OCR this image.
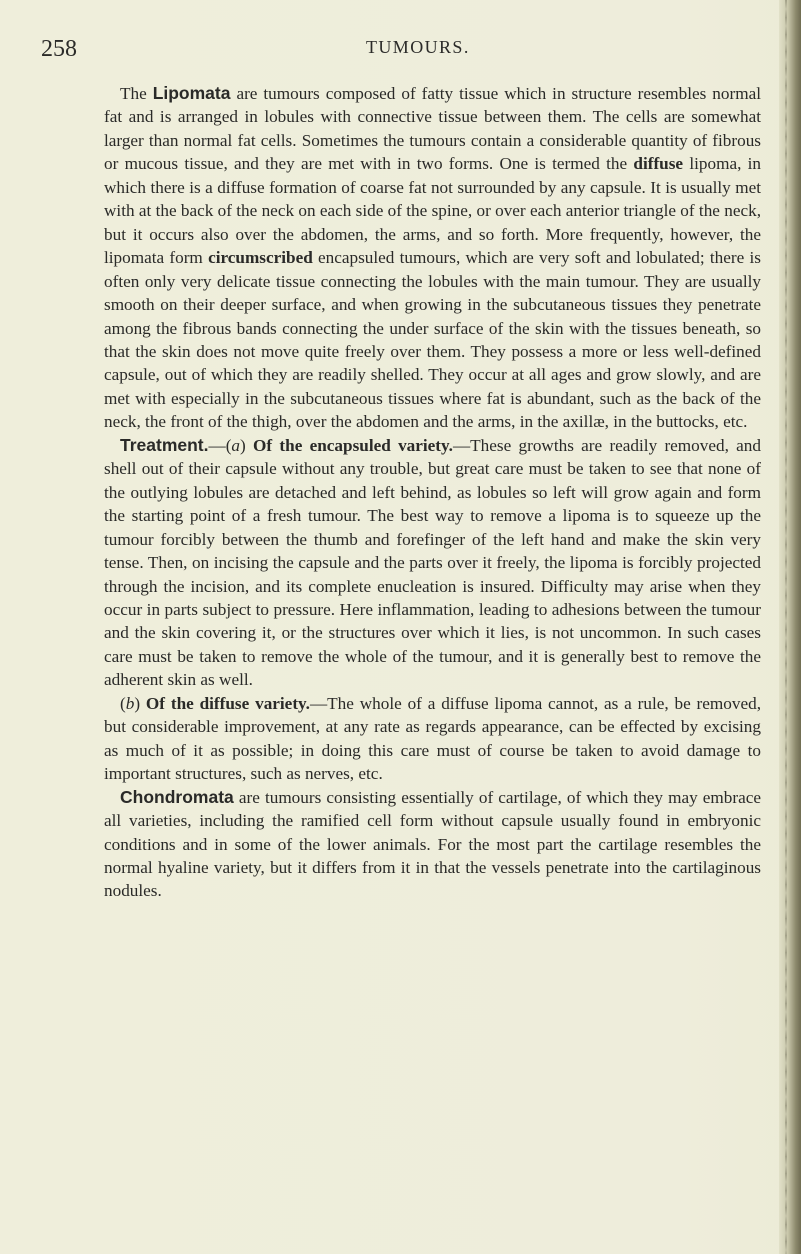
258	TUMOURS.

The Lipomata are tumours composed of fatty tissue which in structure resembles normal fat and is arranged in lobules with connective tissue between them. The cells are somewhat larger than normal fat cells. Sometimes the tumours contain a considerable quantity of fibrous or mucous tissue, and they are met with in two forms. One is termed the diffuse lipoma, in which there is a diffuse formation of coarse fat not surrounded by any capsule. It is usually met with at the back of the neck on each side of the spine, or over each anterior triangle of the neck, but it occurs also over the abdomen, the arms, and so forth. More frequently, however, the lipomata form circumscribed encapsuled tumours, which are very soft and lobulated; there is often only very delicate tissue connecting the lobules with the main tumour. They are usually smooth on their deeper surface, and when growing in the subcutaneous tissues they penetrate among the fibrous bands connecting the under surface of the skin with the tissues beneath, so that the skin does not move quite freely over them. They possess a more or less well-defined capsule, out of which they are readily shelled. They occur at all ages and grow slowly, and are met with especially in the subcutaneous tissues where fat is abundant, such as the back of the neck, the front of the thigh, over the abdomen and the arms, in the axillæ, in the buttocks, etc.

Treatment.—(a) Of the encapsuled variety.—These growths are readily removed, and shell out of their capsule without any trouble, but great care must be taken to see that none of the outlying lobules are detached and left behind, as lobules so left will grow again and form the starting point of a fresh tumour. The best way to remove a lipoma is to squeeze up the tumour forcibly between the thumb and forefinger of the left hand and make the skin very tense. Then, on incising the capsule and the parts over it freely, the lipoma is forcibly projected through the incision, and its complete enucleation is insured. Difficulty may arise when they occur in parts subject to pressure. Here inflammation, leading to adhesions between the tumour and the skin covering it, or the structures over which it lies, is not uncommon. In such cases care must be taken to remove the whole of the tumour, and it is generally best to remove the adherent skin as well.

(b) Of the diffuse variety.—The whole of a diffuse lipoma cannot, as a rule, be removed, but considerable improvement, at any rate as regards appearance, can be effected by excising as much of it as possible; in doing this care must of course be taken to avoid damage to important structures, such as nerves, etc.

Chondromata are tumours consisting essentially of cartilage, of which they may embrace all varieties, including the ramified cell form without capsule usually found in embryonic conditions and in some of the lower animals. For the most part the cartilage resembles the normal hyaline variety, but it differs from it in that the vessels penetrate into the cartilaginous nodules.
